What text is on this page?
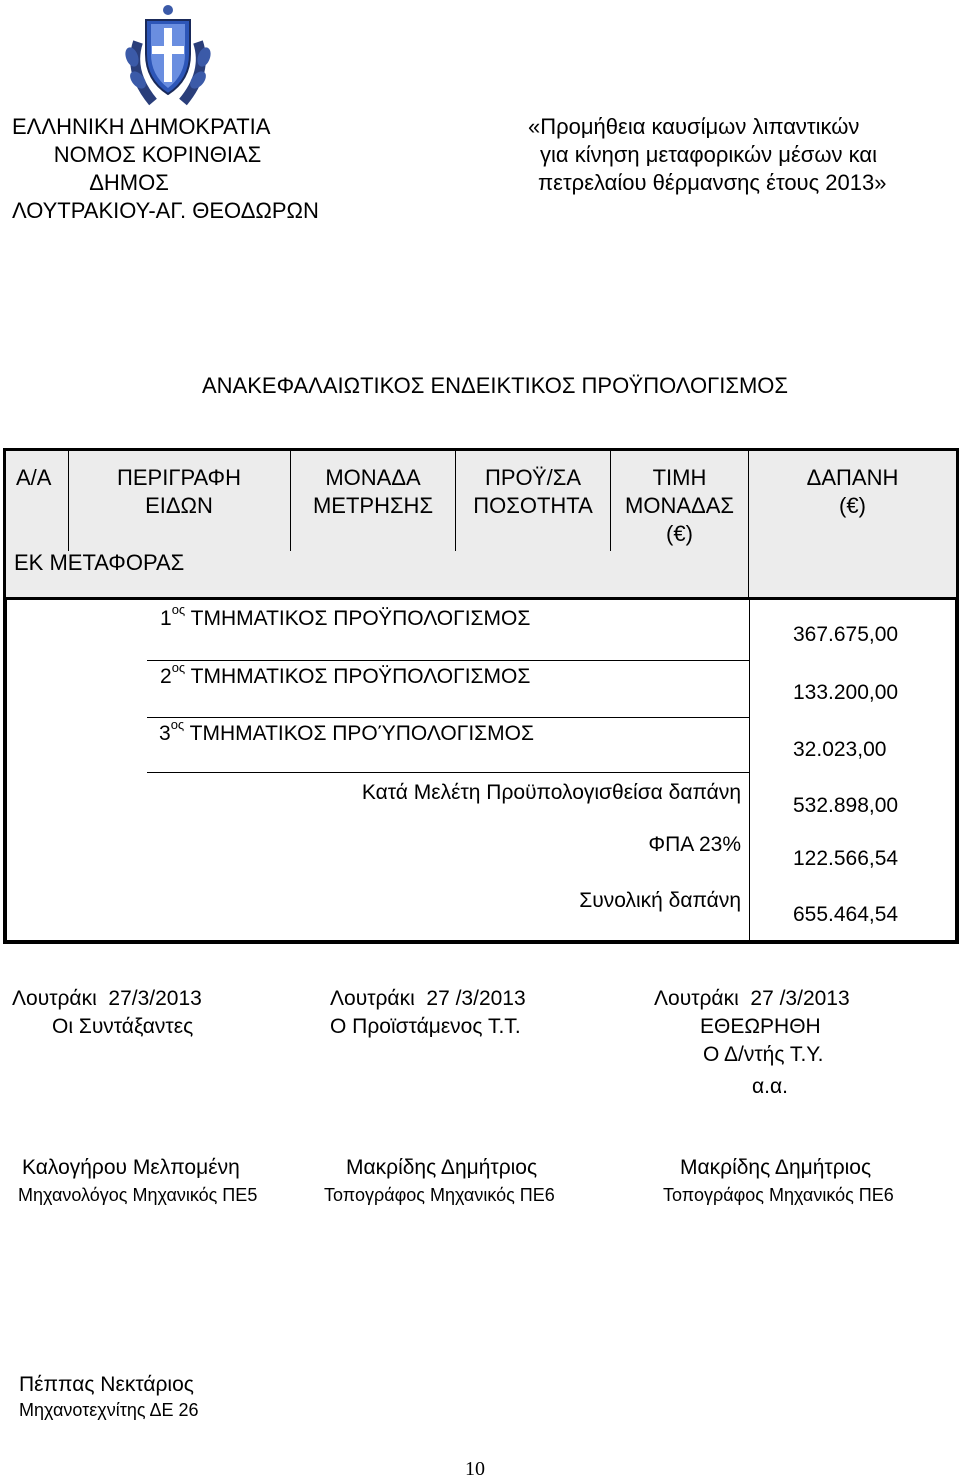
ΕΛΛΗΝΙΚΗ ΔΗΜΟΚΡΑΤΙΑ
ΝΟΜΟΣ ΚΟΡΙΝΘΙΑΣ
ΔΗΜΟΣ
ΛΟΥΤΡΑΚΙΟΥ-ΑΓ. ΘΕΟΔΩΡΩΝ
«Προμήθεια καυσίμων λιπαντικών
για κίνηση μεταφορικών μέσων και
πετρελαίου θέρμανσης έτους 2013»
ΑΝΑΚΕΦΑΛΑΙΩΤΙΚΟΣ ΕΝΔΕΙΚΤΙΚΟΣ ΠΡΟΫΠΟΛΟΓΙΣΜΟΣ
Α/Α	ΠΕΡΙΓΡΑΦΗ
ΕΙΔΩΝ
ΕΚ ΜΕΤΑΦΟΡΑΣ
ΜΟΝΑΔΑ
ΜΕΤΡΗΣΗΣ
ΠΡΟΫ/ΣΑ
ΠΟΣΟΤΗΤΑ
ΤΙΜΗ
ΜΟΝΑΔΑΣ
(€)
ΔΑΠΑΝΗ
(€)
$1^{o\varsigma}$ ΤΜΗΜΑΤΙΚΟΣ ΠΡΟΫΠΟΛΟΓΙΣΜΟΣ
$2^{o\varsigma}$ ΤΜΗΜΑΤΙΚΟΣ ΠΡΟΫΠΟΛΟΓΙΣΜΟΣ
$3^{o\varsigma}$ ΤΜΗΜΑΤΙΚΟΣ ΠΡΟΎΠΟΛΟΓΙΣΜΟΣ
Κατά Μελέτη Προϋπολογισθείσα δαπάνη
ΦΠΑ 23%
Συνολική δαπάνη
367.675,00
133.200,00
32.023,00
532.898,00
122.566,54
655.464,54
Λουτράκι  27/3/2013
Οι Συντάξαντες
Λουτράκι  27 /3/2013
Ο Προϊστάμενος Τ.Τ.
Λουτράκι  27 /3/2013
ΕΘΕΩΡΗΘΗ
Ο Δ/ντής Τ.Υ.
α.α.
Καλογήρου Μελπομένη
Μηχανολόγος Μηχανικός ΠΕ5
Μακρίδης Δημήτριος
Τοπογράφος Μηχανικός ΠΕ6
Μακρίδης Δημήτριος
Τοπογράφος Μηχανικός ΠΕ6
Πέππας Νεκτάριος
Μηχανοτεχνίτης ΔΕ 26
10
